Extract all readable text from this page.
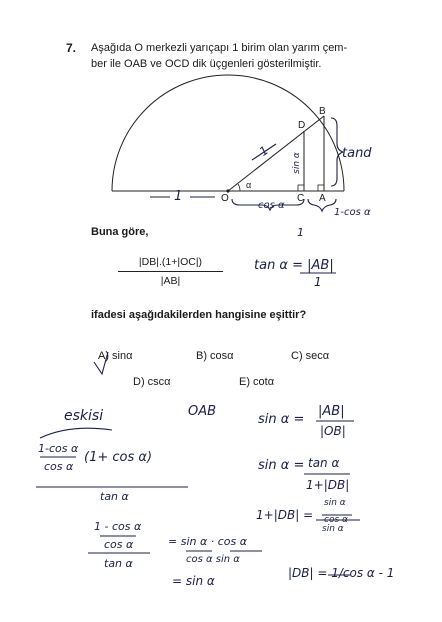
7. Aşağıda O merkezli yarıçapı 1 birim olan yarım çem-
ber ile OAB ve OCD dik üçgenleri gösterilmiştir.
B
D
O	C A
α
tand
1
1
sin α
cos α
1-cos α
1
Buna göre,
|DB|.(1+|OC|)
|AB|
tan α = |AB|
1
ifadesi aşağıdakilerden hangisine eşittir?
A) sinα	B) cosα	C) secα
D) cscα	E) cotα
eskisi	OAB
1-cos α
cos α
(1+ cos α)
tan α
sin α =
|AB|
|OB|
sin α = tan α
1+|DB|
1+|DB| =
sin α
cos α
sin α
1 - cos α
cos α
tan α
= sin α · cos α
cos α sin α
= sin α
|DB| = 1/cos α - 1
